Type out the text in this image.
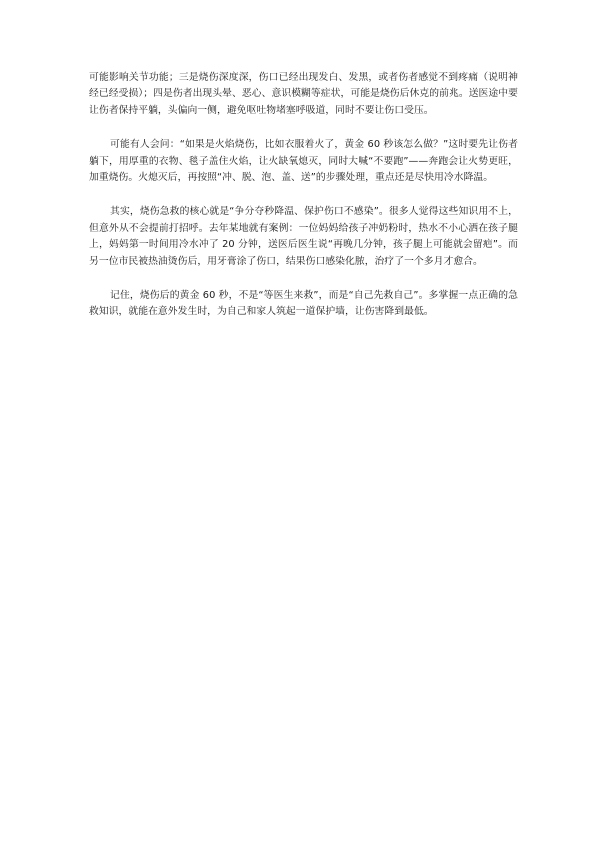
可能影响关节功能；三是烧伤深度深，伤口已经出现发白、发黑，或者伤者感觉不到疼痛（说明神经已经受损）；四是伤者出现头晕、恶心、意识模糊等症状，可能是烧伤后休克的前兆。送医途中要让伤者保持平躺，头偏向一侧，避免呕吐物堵塞呼吸道，同时不要让伤口受压。

可能有人会问：“如果是火焰烧伤，比如衣服着火了，黄金 60 秒该怎么做？”这时要先让伤者躺下，用厚重的衣物、毯子盖住火焰，让火缺氧熄灭，同时大喊“不要跑”——奔跑会让火势更旺，加重烧伤。火熄灭后，再按照“冲、脱、泡、盖、送”的步骤处理，重点还是尽快用冷水降温。

其实，烧伤急救的核心就是“争分夺秒降温、保护伤口不感染”。很多人觉得这些知识用不上，但意外从不会提前打招呼。去年某地就有案例：一位妈妈给孩子冲奶粉时，热水不小心洒在孩子腿上，妈妈第一时间用冷水冲了 20 分钟，送医后医生说“再晚几分钟，孩子腿上可能就会留疤”。而另一位市民被热油烫伤后，用牙膏涂了伤口，结果伤口感染化脓，治疗了一个多月才愈合。

记住，烧伤后的黄金 60 秒，不是“等医生来救”，而是“自己先救自己”。多掌握一点正确的急救知识，就能在意外发生时，为自己和家人筑起一道保护墙，让伤害降到最低。
